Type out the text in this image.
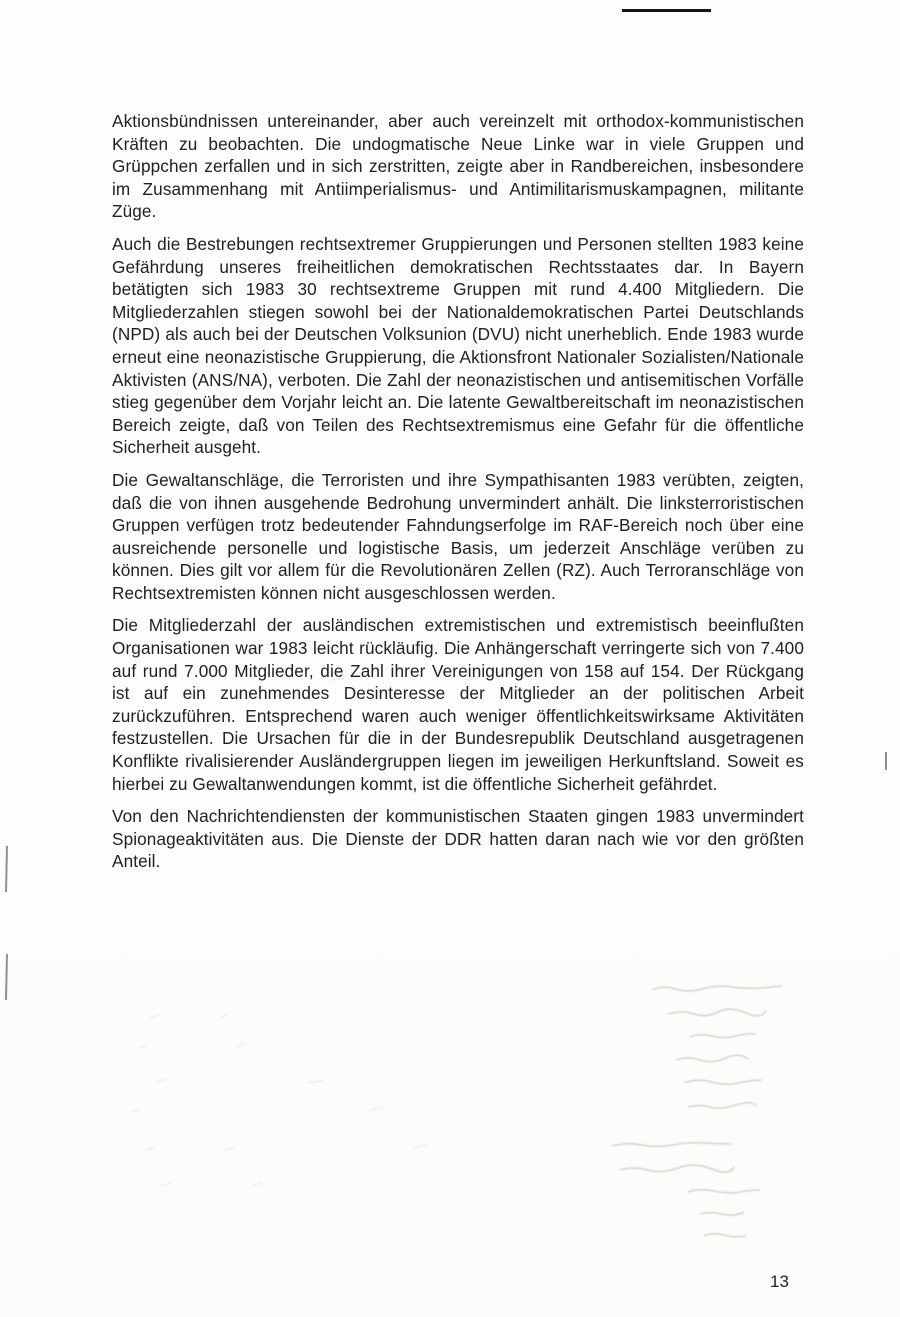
Aktionsbündnissen untereinander, aber auch vereinzelt mit orthodox-kommunistischen Kräften zu beobachten. Die undogmatische Neue Linke war in viele Gruppen und Grüppchen zerfallen und in sich zerstritten, zeigte aber in Randbereichen, insbesondere im Zusammenhang mit Antiimperialismus- und Antimilitarismuskampagnen, militante Züge.

Auch die Bestrebungen rechtsextremer Gruppierungen und Personen stellten 1983 keine Gefährdung unseres freiheitlichen demokratischen Rechtsstaates dar. In Bayern betätigten sich 1983 30 rechtsextreme Gruppen mit rund 4.400 Mitgliedern. Die Mitgliederzahlen stiegen sowohl bei der Nationaldemokratischen Partei Deutschlands (NPD) als auch bei der Deutschen Volksunion (DVU) nicht unerheblich. Ende 1983 wurde erneut eine neonazistische Gruppierung, die Aktionsfront Nationaler Sozialisten/Nationale Aktivisten (ANS/NA), verboten. Die Zahl der neonazistischen und antisemitischen Vorfälle stieg gegenüber dem Vorjahr leicht an. Die latente Gewaltbereitschaft im neonazistischen Bereich zeigte, daß von Teilen des Rechtsextremismus eine Gefahr für die öffentliche Sicherheit ausgeht.

Die Gewaltanschläge, die Terroristen und ihre Sympathisanten 1983 verübten, zeigten, daß die von ihnen ausgehende Bedrohung unvermindert anhält. Die linksterroristischen Gruppen verfügen trotz bedeutender Fahndungserfolge im RAF-Bereich noch über eine ausreichende personelle und logistische Basis, um jederzeit Anschläge verüben zu können. Dies gilt vor allem für die Revolutionären Zellen (RZ). Auch Terroranschläge von Rechtsextremisten können nicht ausgeschlossen werden.

Die Mitgliederzahl der ausländischen extremistischen und extremistisch beeinflußten Organisationen war 1983 leicht rückläufig. Die Anhängerschaft verringerte sich von 7.400 auf rund 7.000 Mitglieder, die Zahl ihrer Vereinigungen von 158 auf 154. Der Rückgang ist auf ein zunehmendes Desinteresse der Mitglieder an der politischen Arbeit zurückzuführen. Entsprechend waren auch weniger öffentlichkeitswirksame Aktivitäten festzustellen. Die Ursachen für die in der Bundesrepublik Deutschland ausgetragenen Konflikte rivalisierender Ausländergruppen liegen im jeweiligen Herkunftsland. Soweit es hierbei zu Gewaltanwendungen kommt, ist die öffentliche Sicherheit gefährdet.

Von den Nachrichtendiensten der kommunistischen Staaten gingen 1983 unvermindert Spionageaktivitäten aus. Die Dienste der DDR hatten daran nach wie vor den größten Anteil.

13
